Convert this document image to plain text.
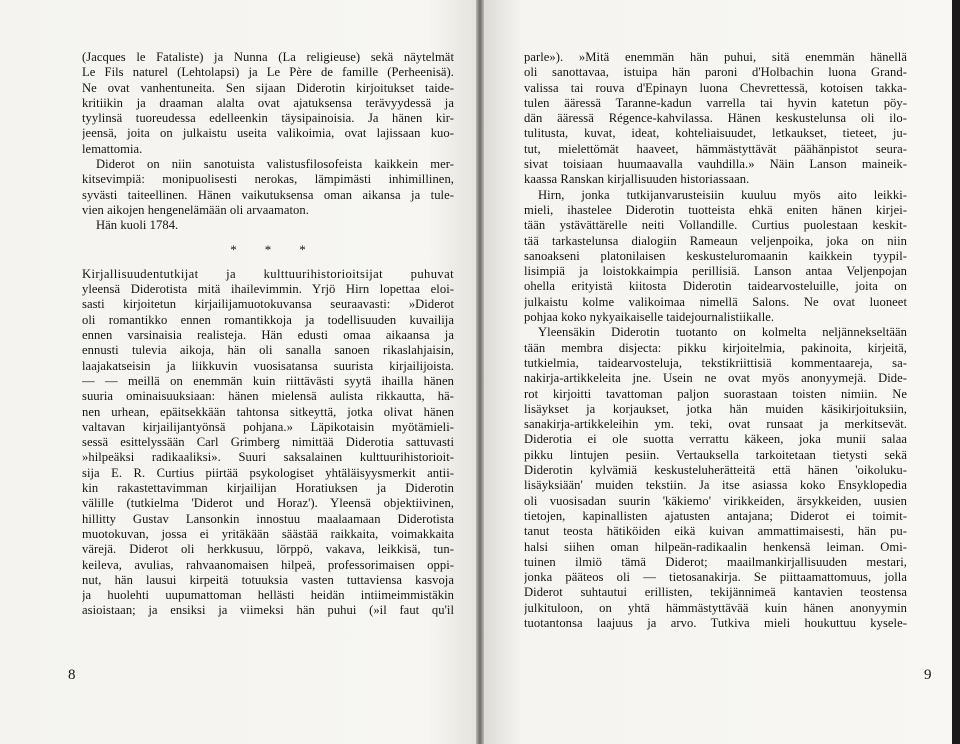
(Jacques le Fataliste) ja Nunna (La religieuse) sekä näytelmät
Le Fils naturel (Lehtolapsi) ja Le Père de famille (Perheenisä).
Ne ovat vanhentuneita. Sen sijaan Diderotin kirjoitukset taide-
kritiikin ja draaman alalta ovat ajatuksensa terävyydessä ja
tyylinsä tuoreudessa edelleenkin täysipainoisia. Ja hänen kir-
jeensä, joita on julkaistu useita valikoimia, ovat lajissaan kuo-
lemattomia.
Diderot on niin sanotuista valistusfilosofeista kaikkein mer-
kitsevimpiä: monipuolisesti nerokas, lämpimästi inhimillinen,
syvästi taiteellinen. Hänen vaikutuksensa oman aikansa ja tule-
vien aikojen hengenelämään oli arvaamaton.
Hän kuoli 1784.
* * *
Kirjallisuudentutkijat ja kulttuurihistorioitsijat puhuvat
yleensä Diderotista mitä ihailevimmin. Yrjö Hirn lopettaa eloi-
sasti kirjoitetun kirjailijamuotokuvansa seuraavasti: »Diderot
oli romantikko ennen romantikkoja ja todellisuuden kuvailija
ennen varsinaisia realisteja. Hän edusti omaa aikaansa ja
ennusti tulevia aikoja, hän oli sanalla sanoen rikaslahjaisin,
laajakatseisin ja liikkuvin vuosisatansa suurista kirjailijoista.
— — meillä on enemmän kuin riittävästi syytä ihailla hänen
suuria ominaisuuksiaan: hänen mielensä aulista rikkautta, hä-
nen urhean, epäitsekkään tahtonsa sitkeyttä, jotka olivat hänen
valtavan kirjailijantyönsä pohjana.» Läpikotaisin myötämieli-
sessä esittelyssään Carl Grimberg nimittää Diderotia sattuvasti
»hilpeäksi radikaaliksi». Suuri saksalainen kulttuurihistorioit-
sija E. R. Curtius piirtää psykologiset yhtäläisyysmerkit antii-
kin rakastettavimman kirjailijan Horatiuksen ja Diderotin
välille (tutkielma 'Diderot und Horaz'). Yleensä objektiivinen,
hillitty Gustav Lansonkin innostuu maalaamaan Diderotista
muotokuvan, jossa ei yritäkään säästää raikkaita, voimakkaita
värejä. Diderot oli herkkusuu, lörppö, vakava, leikkisä, tun-
keileva, avulias, rahvaanomaisen hilpeä, professorimaisen oppi-
nut, hän lausui kirpeitä totuuksia vasten tuttaviensa kasvoja
ja huolehti uupumattoman hellästi heidän intiimeimmistäkin
asioistaan; ja ensiksi ja viimeksi hän puhui (»il faut qu'il
8
parle»). »Mitä enemmän hän puhui, sitä enemmän hänellä
oli sanottavaa, istuipa hän paroni d'Holbachin luona Grand-
valissa tai rouva d'Epinayn luona Chevrettessä, kotoisen takka-
tulen ääressä Taranne-kadun varrella tai hyvin katetun pöy-
dän ääressä Régence-kahvilassa. Hänen keskustelunsa oli ilo-
tulitusta, kuvat, ideat, kohteliaisuudet, letkaukset, tieteet, ju-
tut, mielettömät haaveet, hämmästyttävät päähänpistot seura-
sivat toisiaan huumaavalla vauhdilla.» Näin Lanson maineik-
kaassa Ranskan kirjallisuuden historiassaan.
Hirn, jonka tutkijanvarusteisiin kuuluu myös aito leikki-
mieli, ihastelee Diderotin tuotteista ehkä eniten hänen kirjei-
tään ystävättärelle neiti Vollandille. Curtius puolestaan keskit-
tää tarkastelunsa dialogiin Rameaun veljenpoika, joka on niin
sanoakseni platonilaisen keskusteluromaanin kaikkein tyypil-
lisimpiä ja loistokkaimpia perillisiä. Lanson antaa Veljenpojan
ohella erityistä kiitosta Diderotin taidearvosteluille, joita on
julkaistu kolme valikoimaa nimellä Salons. Ne ovat luoneet
pohjaa koko nykyaikaiselle taidejournalistiikalle.
Yleensäkin Diderotin tuotanto on kolmelta neljännekseltään
tään membra disjecta: pikku kirjoitelmia, pakinoita, kirjeitä,
tutkielmia, taidearvosteluja, tekstikriittisiä kommentaareja, sa-
nakirja-artikkeleita jne. Usein ne ovat myös anonyymejä. Dide-
rot kirjoitti tavattoman paljon suorastaan toisten nimiin. Ne
lisäykset ja korjaukset, jotka hän muiden käsikirjoituksiin,
sanakirja-artikkeleihin ym. teki, ovat runsaat ja merkitsevät.
Diderotia ei ole suotta verrattu käkeen, joka munii salaa
pikku lintujen pesiin. Vertauksella tarkoitetaan tietysti sekä
Diderotin kylvämiä keskusteluherätteitä että hänen 'oikoluku-
lisäyksiään' muiden tekstiin. Ja itse asiassa koko Ensyklopedia
oli vuosisadan suurin 'käkiemo' virikkeiden, ärsykkeiden, uusien
tietojen, kapinallisten ajatusten antajana; Diderot ei toimit-
tanut teosta hätiköiden eikä kuivan ammattimaisesti, hän pu-
halsi siihen oman hilpeän-radikaalin henkensä leiman. Omi-
tuinen ilmiö tämä Diderot; maailmankirjallisuuden mestari,
jonka pääteos oli — tietosanakirja. Se piittaamattomuus, jolla
Diderot suhtautui erillisten, tekijännimeä kantavien teostensa
julkituloon, on yhtä hämmästyttävää kuin hänen anonyymin
tuotantonsa laajuus ja arvo. Tutkiva mieli houkuttuu kysele-
9
